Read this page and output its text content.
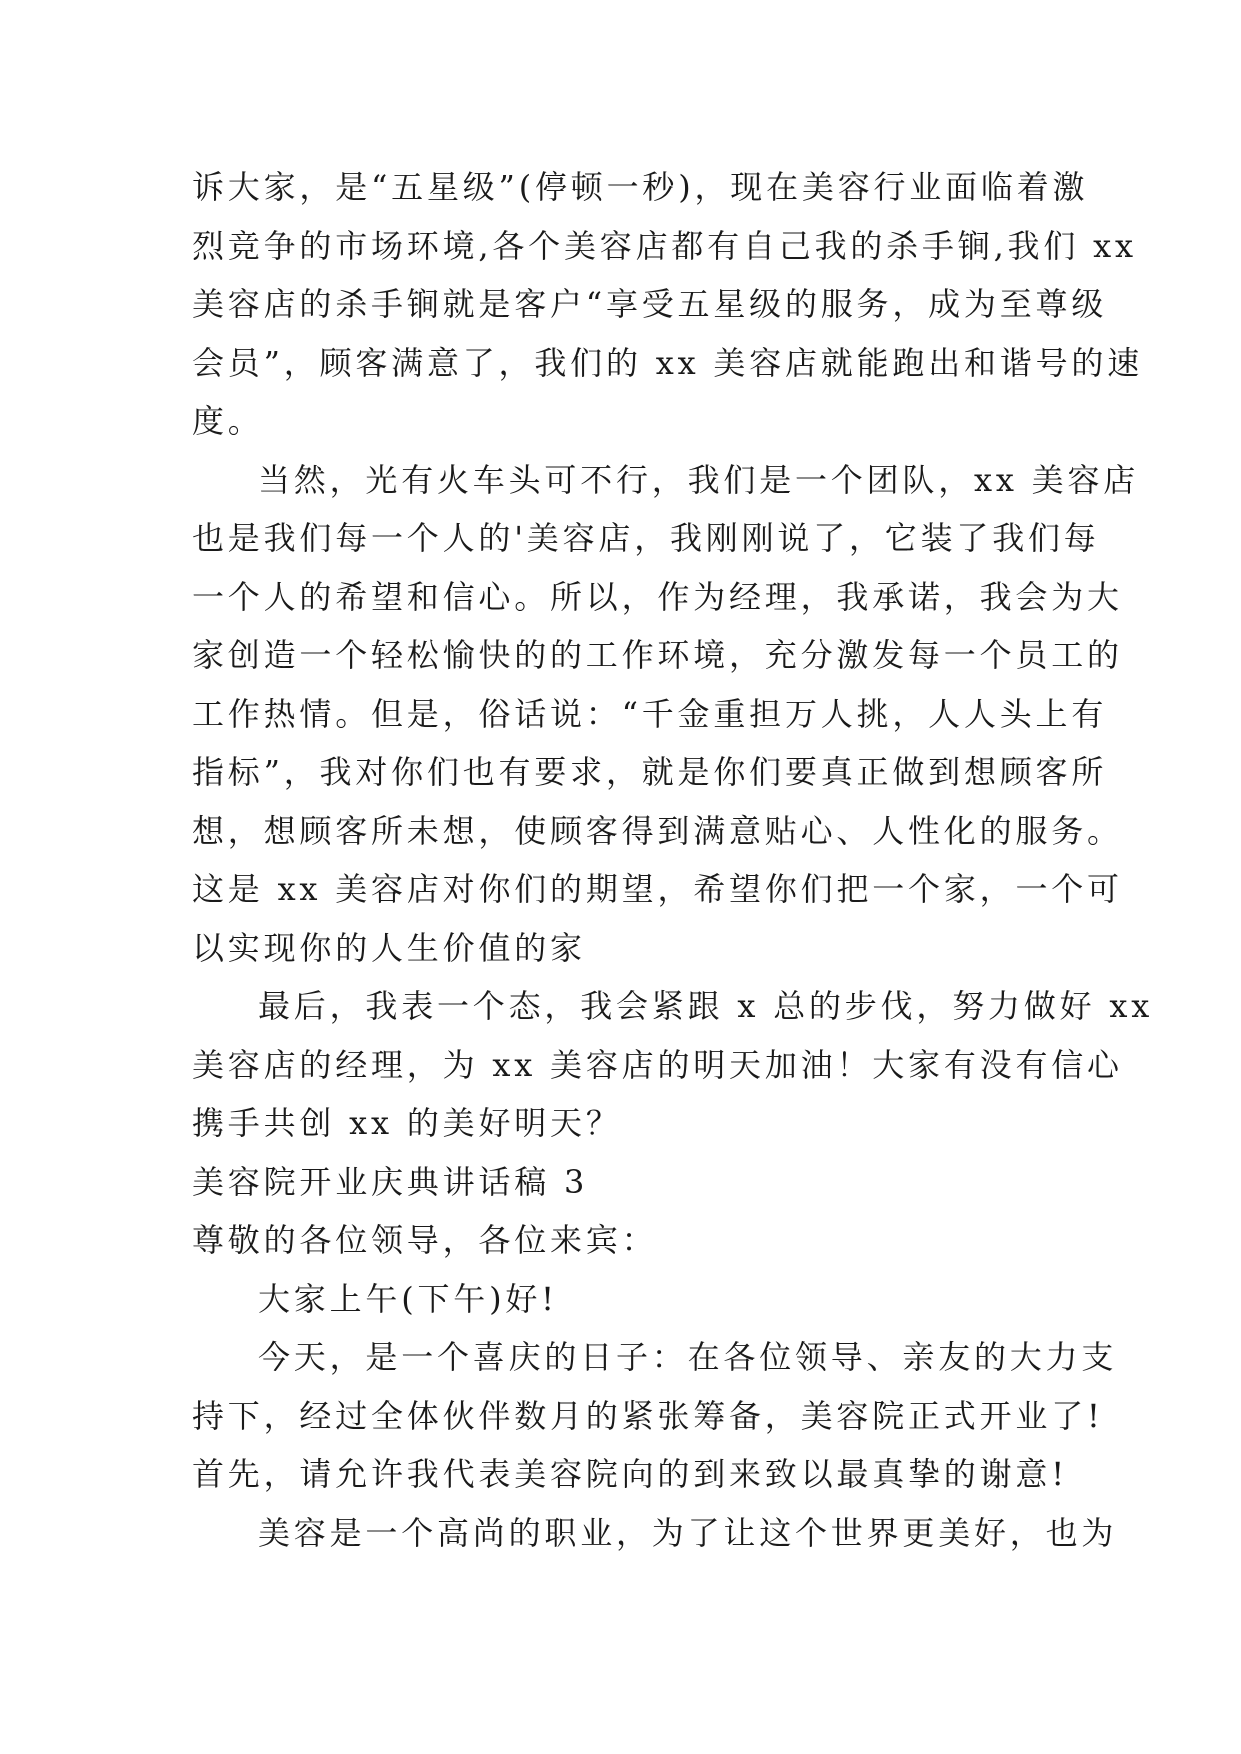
诉大家，是“五星级”(停顿一秒)，现在美容行业面临着激
烈竞争的市场环境,各个美容店都有自己我的杀手锏,我们 xx
美容店的杀手锏就是客户“享受五星级的服务，成为至尊级
会员”，顾客满意了，我们的 xx 美容店就能跑出和谐号的速
度。
当然，光有火车头可不行，我们是一个团队，xx 美容店
也是我们每一个人的'美容店，我刚刚说了，它装了我们每
一个人的希望和信心。所以，作为经理，我承诺，我会为大
家创造一个轻松愉快的的工作环境，充分激发每一个员工的
工作热情。但是，俗话说：“千金重担万人挑，人人头上有
指标”，我对你们也有要求，就是你们要真正做到想顾客所
想，想顾客所未想，使顾客得到满意贴心、人性化的服务。
这是 xx 美容店对你们的期望，希望你们把一个家，一个可
以实现你的人生价值的家
最后，我表一个态，我会紧跟 x 总的步伐，努力做好 xx
美容店的经理，为 xx 美容店的明天加油！大家有没有信心
携手共创 xx 的美好明天？
美容院开业庆典讲话稿 3
尊敬的各位领导，各位来宾：
大家上午(下午)好!
今天，是一个喜庆的日子：在各位领导、亲友的大力支
持下，经过全体伙伴数月的紧张筹备，美容院正式开业了!
首先，请允许我代表美容院向的到来致以最真挚的谢意!
美容是一个高尚的职业，为了让这个世界更美好，也为
